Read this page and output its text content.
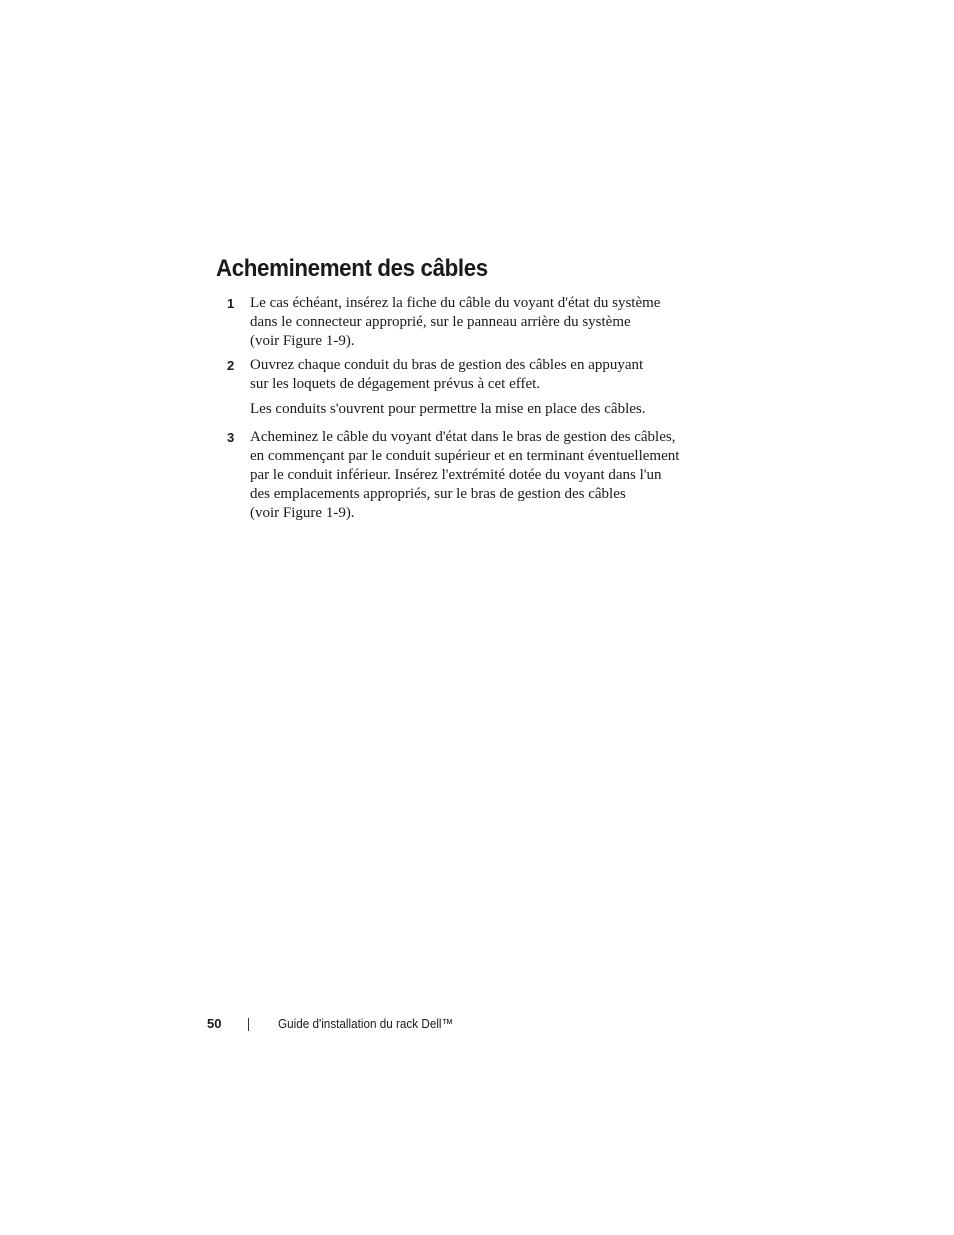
Acheminement des câbles
1 Le cas échéant, insérez la fiche du câble du voyant d'état du système
dans le connecteur approprié, sur le panneau arrière du système
(voir Figure 1-9).
2 Ouvrez chaque conduit du bras de gestion des câbles en appuyant
sur les loquets de dégagement prévus à cet effet.
Les conduits s'ouvrent pour permettre la mise en place des câbles.
3 Acheminez le câble du voyant d'état dans le bras de gestion des câbles,
en commençant par le conduit supérieur et en terminant éventuellement
par le conduit inférieur. Insérez l'extrémité dotée du voyant dans l'un
des emplacements appropriés, sur le bras de gestion des câbles
(voir Figure 1-9).
50	Guide d'installation du rack Dell™
